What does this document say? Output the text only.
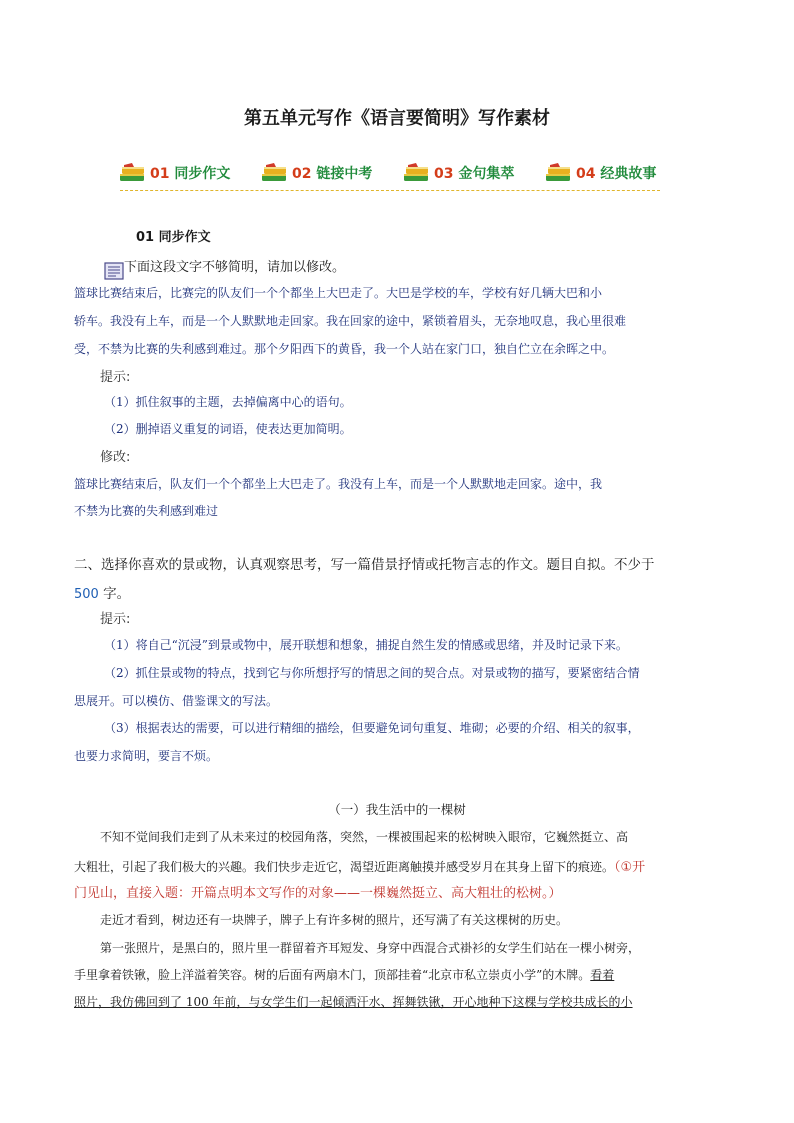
第五单元写作《语言要简明》写作素材
01 同步作文	02 链接中考	03 金句集萃	04 经典故事
01 同步作文
下面这段文字不够简明，请加以修改。
篮球比赛结束后，比赛完的队友们一个个都坐上大巴走了。大巴是学校的车，学校有好几辆大巴和小
轿车。我没有上车，而是一个人默默地走回家。我在回家的途中，紧锁着眉头，无奈地叹息，我心里很难
受，不禁为比赛的失利感到难过。那个夕阳西下的黄昏，我一个人站在家门口，独自伫立在余晖之中。
提示:
（1）抓住叙事的主题，去掉偏离中心的语句。
（2）删掉语义重复的词语，使表达更加简明。
修改:
篮球比赛结束后，队友们一个个都坐上大巴走了。我没有上车，而是一个人默默地走回家。途中，我
不禁为比赛的失利感到难过
二、选择你喜欢的景或物，认真观察思考，写一篇借景抒情或托物言志的作文。题目自拟。不少于
500 字。
提示:
（1）将自己“沉浸”到景或物中，展开联想和想象，捕捉自然生发的情感或思绪，并及时记录下来。
（2）抓住景或物的特点，找到它与你所想抒写的情思之间的契合点。对景或物的描写，要紧密结合情
思展开。可以模仿、借鉴课文的写法。
（3）根据表达的需要，可以进行精细的描绘，但要避免词句重复、堆砌；必要的介绍、相关的叙事，
也要力求简明，要言不烦。
（一）我生活中的一棵树
不知不觉间我们走到了从未来过的校园角落，突然，一棵被围起来的松树映入眼帘，它巍然挺立、高
大粗壮，引起了我们极大的兴趣。我们快步走近它，渴望近距离触摸并感受岁月在其身上留下的痕迹。（①开
门见山，直接入题：开篇点明本文写作的对象——一棵巍然挺立、高大粗壮的松树。）
走近才看到，树边还有一块牌子，牌子上有许多树的照片，还写满了有关这棵树的历史。
第一张照片，是黑白的，照片里一群留着齐耳短发、身穿中西混合式褂衫的女学生们站在一棵小树旁，
手里拿着铁锹，脸上洋溢着笑容。树的后面有两扇木门，顶部挂着“北京市私立崇贞小学”的木牌。看着
照片，我仿佛回到了 100 年前，与女学生们一起倾洒汗水、挥舞铁锹，开心地种下这棵与学校共成长的小
